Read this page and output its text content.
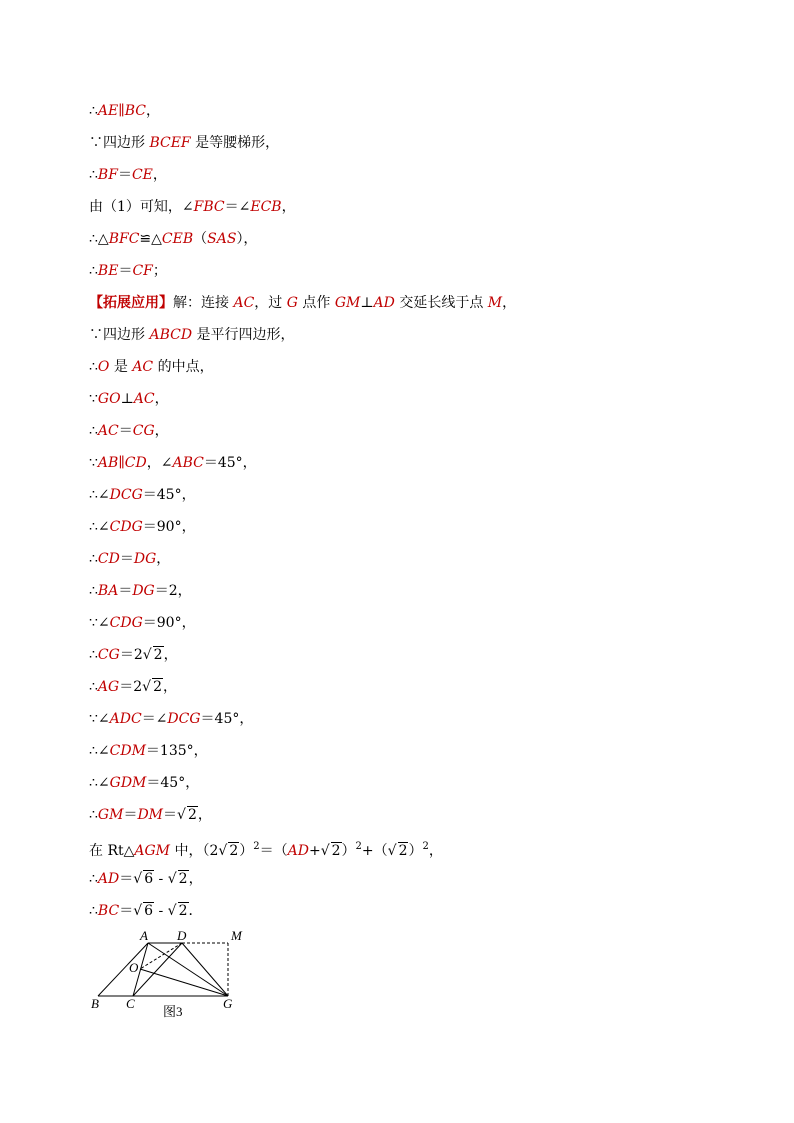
∴AE∥BC，
∵四边形 BCEF 是等腰梯形，
∴BF＝CE，
由（1）可知，∠FBC＝∠ECB，
∴△BFC≌△CEB（SAS），
∴BE＝CF；
【拓展应用】解：连接 AC，过 G 点作 GM⊥AD 交延长线于点 M，
∵四边形 ABCD 是平行四边形，
∴O 是 AC 的中点，
∵GO⊥AC，
∴AC＝CG，
∵AB∥CD，∠ABC＝45°，
∴∠DCG＝45°，
∴∠CDG＝90°，
∴CD＝DG，
∴BA＝DG＝2，
∵∠CDG＝90°，
∴CG＝2 √ 2，
∴AG＝2 √ 2，
∵∠ADC＝∠DCG＝45°，
∴∠CDM＝135°，
∴∠GDM＝45°，
∴GM＝DM＝ √ 2，
在 Rt△AGM 中，（2 √ 2）$^2$＝（AD+ √ 2）$^2$+（ √ 2）$^2$，
∴AD＝ √ 6 - √ 2，
∴BC＝ √ 6 - √ 2．
A D	M
O
B C	G
图3
